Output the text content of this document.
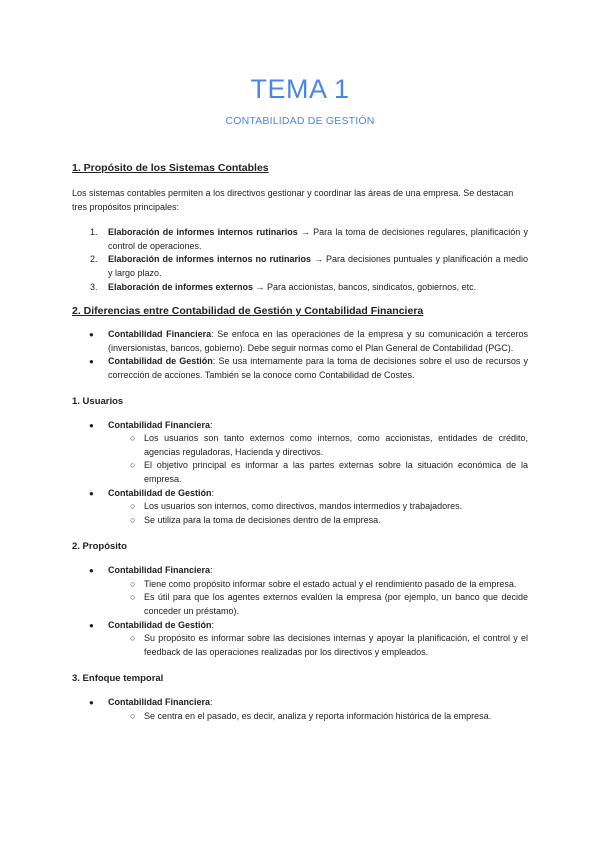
TEMA 1
CONTABILIDAD DE GESTIÓN
1. Propósito de los Sistemas Contables

Los sistemas contables permiten a los directivos gestionar y coordinar las áreas de una empresa. Se destacan tres propósitos principales:

1. Elaboración de informes internos rutinarios → Para la toma de decisiones regulares, planificación y control de operaciones.
2. Elaboración de informes internos no rutinarios → Para decisiones puntuales y planificación a medio y largo plazo.
3. Elaboración de informes externos → Para accionistas, bancos, sindicatos, gobiernos, etc.
2. Diferencias entre Contabilidad de Gestión y Contabilidad Financiera
● Contabilidad Financiera: Se enfoca en las operaciones de la empresa y su comunicación a terceros (inversionistas, bancos, gobierno). Debe seguir normas como el Plan General de Contabilidad (PGC).
● Contabilidad de Gestión: Se usa internamente para la toma de decisiones sobre el uso de recursos y corrección de acciones. También se la conoce como Contabilidad de Costes.
1. Usuarios
● Contabilidad Financiera:
○ Los usuarios son tanto externos como internos, como accionistas, entidades de crédito, agencias reguladoras, Hacienda y directivos.
○ El objetivo principal es informar a las partes externas sobre la situación económica de la empresa.
● Contabilidad de Gestión:
○ Los usuarios son internos, como directivos, mandos intermedios y trabajadores.
○ Se utiliza para la toma de decisiones dentro de la empresa.
2. Propósito
● Contabilidad Financiera:
○ Tiene como propósito informar sobre el estado actual y el rendimiento pasado de la empresa.
○ Es útil para que los agentes externos evalúen la empresa (por ejemplo, un banco que decide conceder un préstamo).
● Contabilidad de Gestión:
○ Su propósito es informar sobre las decisiones internas y apoyar la planificación, el control y el feedback de las operaciones realizadas por los directivos y empleados.
3. Enfoque temporal
● Contabilidad Financiera:
○ Se centra en el pasado, es decir, analiza y reporta información histórica de la empresa.
